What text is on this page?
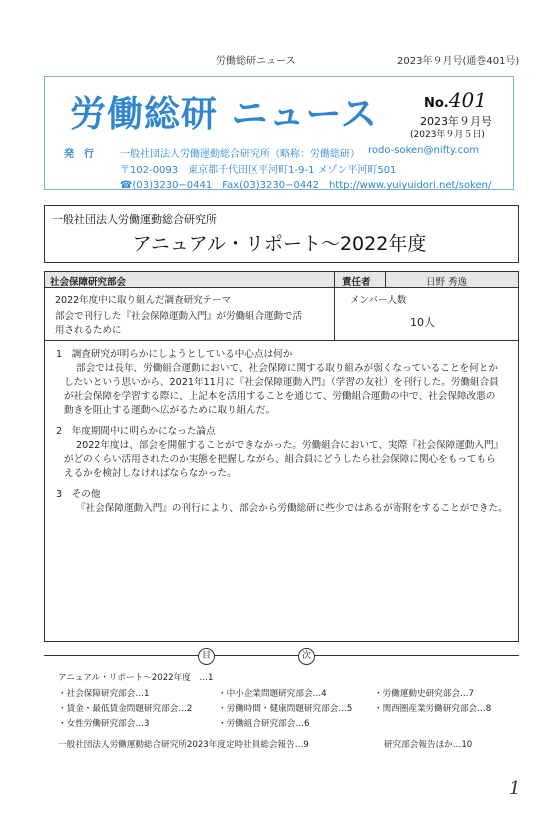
労働総研ニュース	2023年９月号(通巻401号)
労働総研 ニュース	No.401
2023年９月号
(2023年９月５日)
発　行	一般社団法人労働運動総合研究所（略称：労働総研） rodo-soken@nifty.com
〒102-0093　東京都千代田区平河町1-9-1 メゾン平河町501
☎(03)3230−0441　Fax(03)3230−0442　http://www.yuiyuidori.net/soken/
一般社団法人労働運動総合研究所
アニュアル・リポート～2022年度
社会保障研究部会	責任者	日野 秀逸
2022年度中に取り組んだ調査研究テーマ
部会で刊行した『社会保障運動入門』が労働組合運動で活
用されるために
メンバー人数
10人
1　調査研究が明らかにしようとしている中心点は何か
部会では長年、労働組合運動において、社会保障に関する取り組みが弱くなっていることを何とか
したいという思いから、2021年11月に『社会保障運動入門』（学習の友社）を刊行した。労働組合員
が社会保障を学習する際に、上記本を活用することを通じて、労働組合運動の中で、社会保障改悪の
動きを阻止する運動へ広がるために取り組んだ。
2　年度期間中に明らかになった論点
2022年度は、部会を開催することができなかった。労働組合において、実際『社会保障運動入門』
がどのくらい活用されたのか実態を把握しながら、組合員にどうしたら社会保障に関心をもってもら
えるかを検討しなければならなかった。
3　その他
『社会保障運動入門』の刊行により、部会から労働総研に些少ではあるが寄附をすることができた。
目	次
アニュアル・リポート～2022年度　…1
・社会保障研究部会…1
・賃金・最低賃金問題研究部会…2
・女性労働研究部会…3
・中小企業問題研究部会…4
・労働時間・健康問題研究部会…5
・労働組合研究部会…6
・労働運動史研究部会…7
・関西圏産業労働研究部会…8
一般社団法人労働運動総合研究所2023年度定時社員総会報告…9	研究部会報告ほか…10
1
